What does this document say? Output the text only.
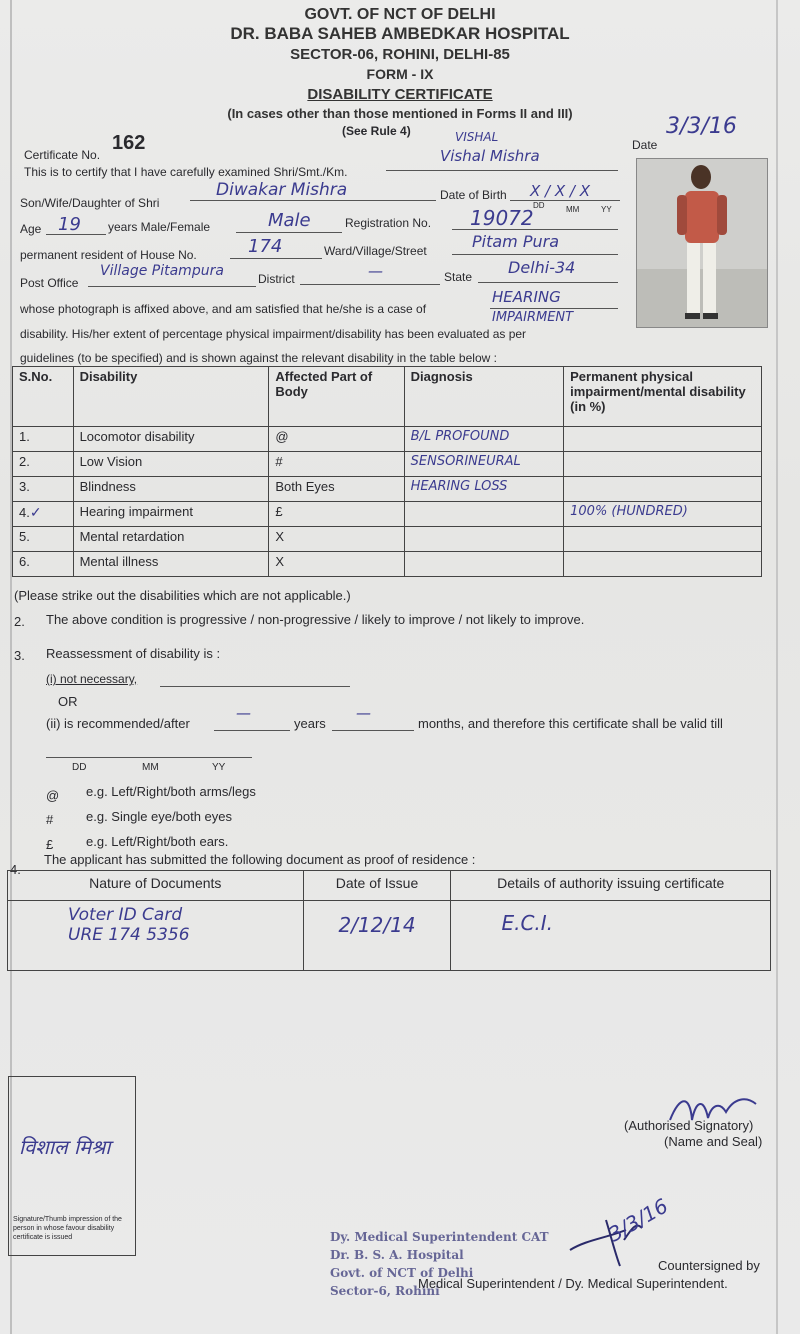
GOVT. OF NCT OF DELHI
DR. BABA SAHEB AMBEDKAR HOSPITAL
SECTOR-06, ROHINI, DELHI-85
FORM - IX
DISABILITY CERTIFICATE
(In cases other than those mentioned in Forms II and III)
(See Rule 4)
Certificate No.
162	Date
3/3/16
This is to certify that I have carefully examined Shri/Smt./Km.
VISHAL
Vishal Mishra
Son/Wife/Daughter of Shri
Diwakar Mishra	Date of Birth X / X / X
DD	MM	YY
Age 19 years Male/Female	Male	Registration No. 19072
permanent resident of House No.	174	Ward/Village/Street	Pitam Pura
Post Office
Village Pitampura	District	—	State Delhi-34
whose photograph is affixed above, and am satisfied that he/she is a case of
HEARING
disability. His/her extent of percentage physical impairment/disability has been evaluated as per
IMPAIRMENT
guidelines (to be specified) and is shown against the relevant disability in the table below :
S.No.	Disability	Affected Part of Body	Diagnosis	Permanent physical impairment/mental disability (in %)
1.	Locomotor disability	@	B/L PROFOUND	
2.	Low Vision	#	SENSORINEURAL	
3.	Blindness	Both Eyes	HEARING LOSS	
4.✓	Hearing impairment	£		100% (HUNDRED)
5.	Mental retardation	X		
6.	Mental illness	X		
(Please strike out the disabilities which are not applicable.)
2. The above condition is progressive / non-progressive / likely to improve / not likely to improve.
3. Reassessment of disability is :
(i) not necessary,
OR
(ii) is recommended/after
—
years
—
months, and therefore this certificate shall be valid till
DD	MM	YY
@ e.g. Left/Right/both arms/legs
#	e.g. Single eye/both eyes
£	e.g. Left/Right/both ears.
4.
The applicant has submitted the following document as proof of residence :
Nature of Documents	Date of Issue	Details of authority issuing certificate

Voter ID Card
URE 174 5356	2/12/14	E.C.I.
विशाल मिश्रा
Signature/Thumb impression of the person in whose favour disability certificate is issued
(Authorised Signatory)
(Name and Seal)
Dy. Medical Superintendent CAT
Dr. B. S. A. Hospital
Govt. of NCT of Delhi
Sector-6, Rohini
3/3/16
Countersigned by
Medical Superintendent / Dy. Medical Superintendent.
